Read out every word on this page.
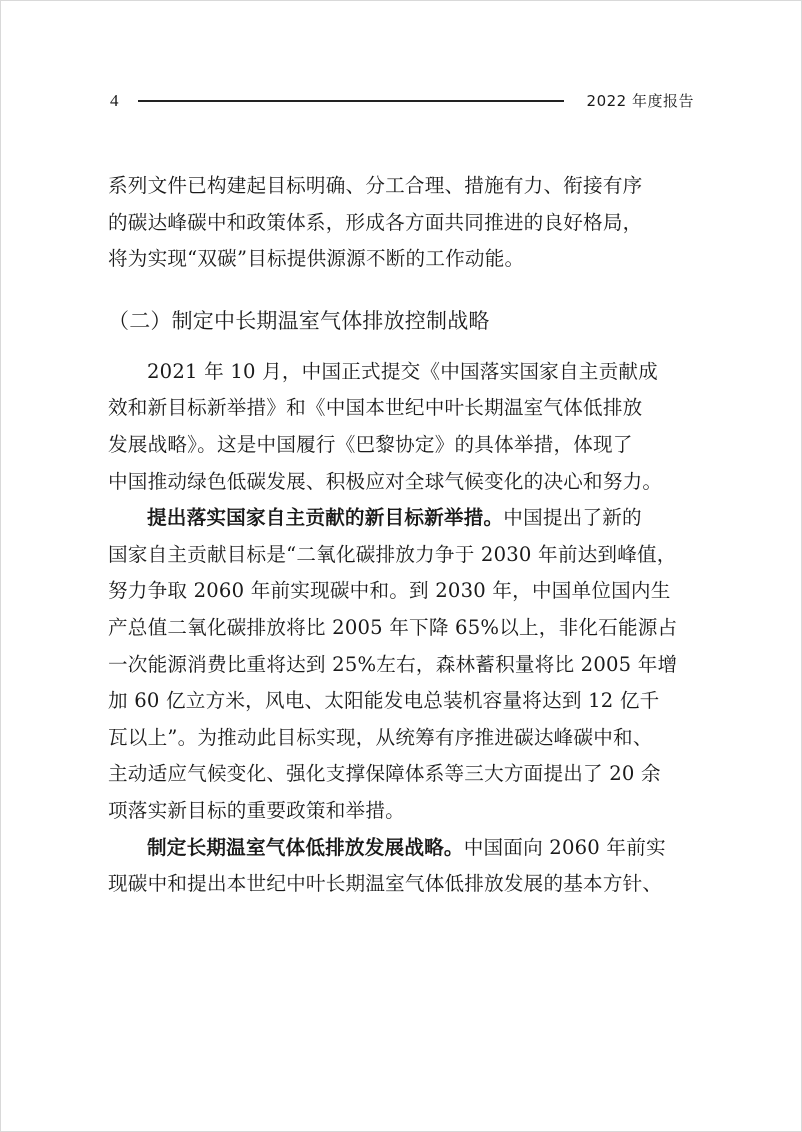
4	2022 年度报告
系列文件已构建起目标明确、分工合理、措施有力、衔接有序
的碳达峰碳中和政策体系，形成各方面共同推进的良好格局，
将为实现“双碳”目标提供源源不断的工作动能。
（二）制定中长期温室气体排放控制战略
2021 年 10 月，中国正式提交《中国落实国家自主贡献成
效和新目标新举措》和《中国本世纪中叶长期温室气体低排放
发展战略》。这是中国履行《巴黎协定》的具体举措，体现了
中国推动绿色低碳发展、积极应对全球气候变化的决心和努力。
提出落实国家自主贡献的新目标新举措。中国提出了新的
国家自主贡献目标是“二氧化碳排放力争于 2030 年前达到峰值，
努力争取 2060 年前实现碳中和。到 2030 年，中国单位国内生
产总值二氧化碳排放将比 2005 年下降 65%以上，非化石能源占
一次能源消费比重将达到 25%左右，森林蓄积量将比 2005 年增
加 60 亿立方米，风电、太阳能发电总装机容量将达到 12 亿千
瓦以上”。为推动此目标实现，从统筹有序推进碳达峰碳中和、
主动适应气候变化、强化支撑保障体系等三大方面提出了 20 余
项落实新目标的重要政策和举措。
制定长期温室气体低排放发展战略。中国面向 2060 年前实
现碳中和提出本世纪中叶长期温室气体低排放发展的基本方针、
